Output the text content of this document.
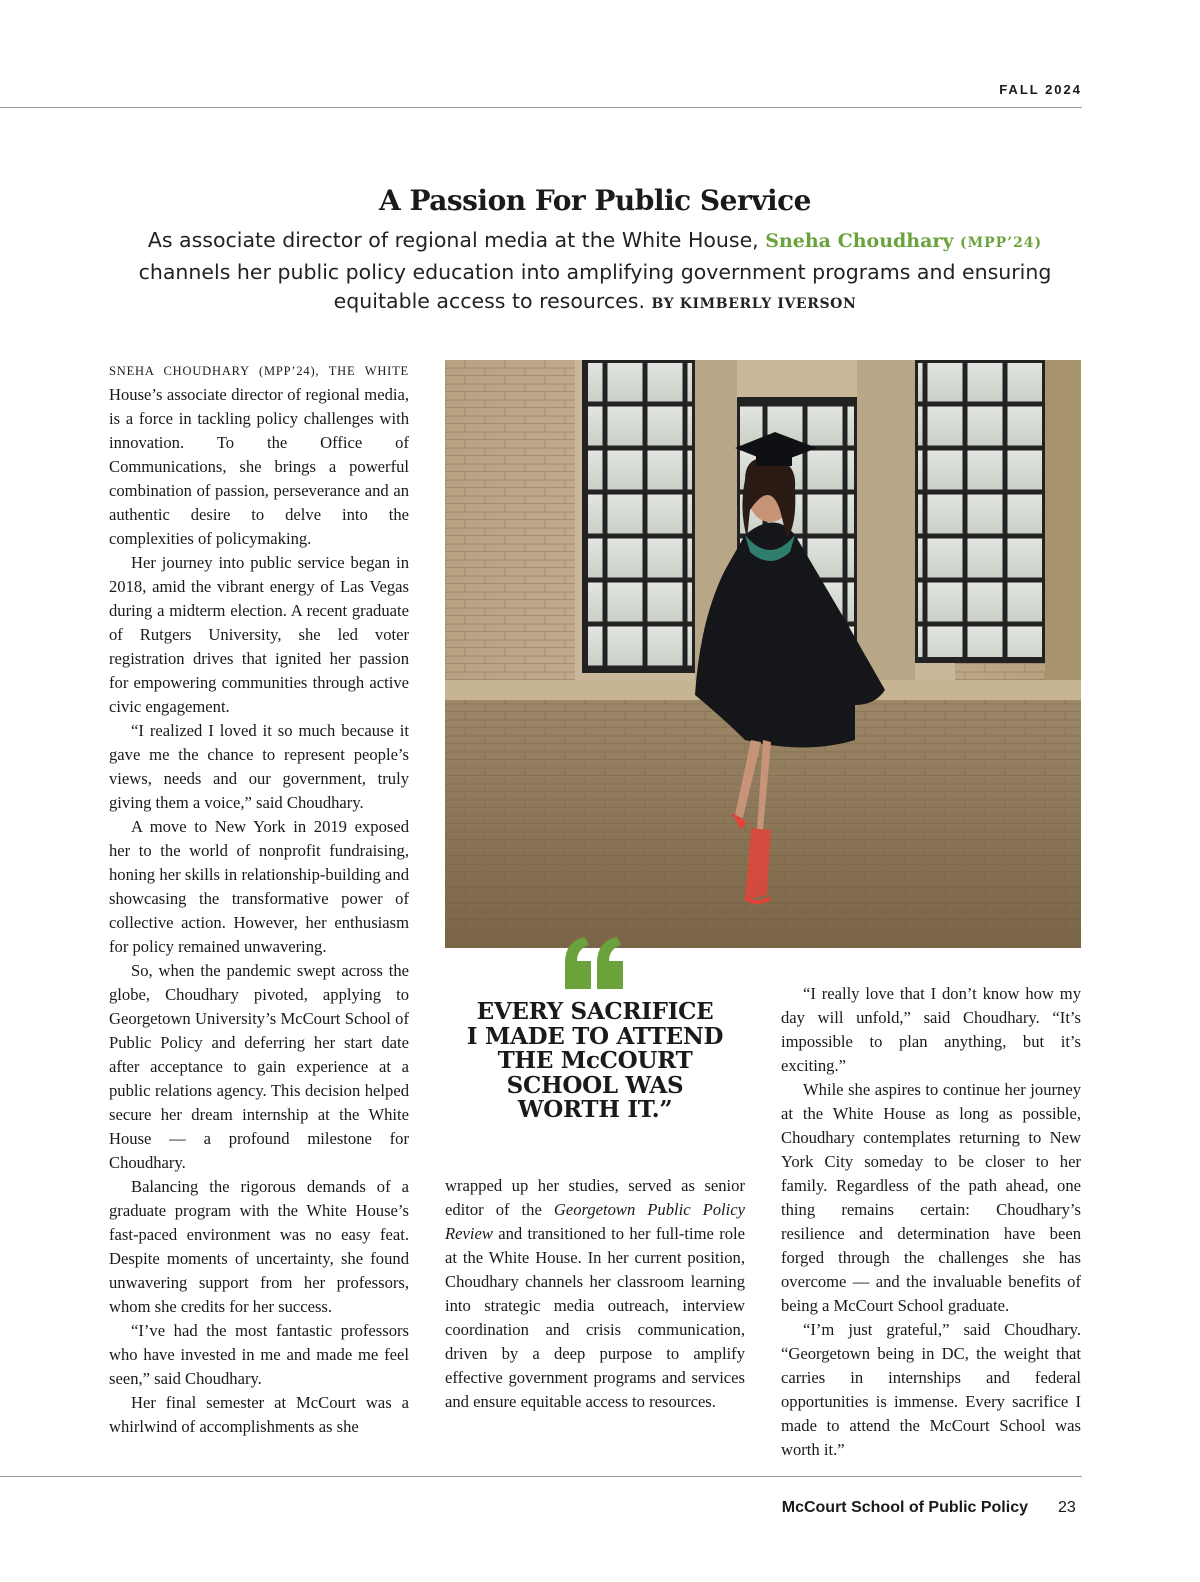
FALL 2024
A Passion For Public Service
As associate director of regional media at the White House, Sneha Choudhary (MPP’24) channels her public policy education into amplifying government programs and ensuring equitable access to resources. BY KIMBERLY IVERSON

SNEHA CHOUDHARY (MPP’24), THE WHITE House’s associate director of regional media, is a force in tackling policy challenges with innovation. To the Office of Communications, she brings a powerful combination of passion, perseverance and an authentic desire to delve into the complexities of policymaking.

Her journey into public service began in 2018, amid the vibrant energy of Las Vegas during a midterm election. A recent graduate of Rutgers University, she led voter registration drives that ignited her passion for empowering communities through active civic engagement.

“I realized I loved it so much because it gave me the chance to represent people’s views, needs and our government, truly giving them a voice,” said Choudhary.

A move to New York in 2019 exposed her to the world of nonprofit fundraising, honing her skills in relationship-building and showcasing the transformative power of collective action. However, her enthusiasm for policy remained unwavering.

So, when the pandemic swept across the globe, Choudhary pivoted, applying to Georgetown University’s McCourt School of Public Policy and deferring her start date after acceptance to gain experience at a public relations agency. This decision helped secure her dream internship at the White House — a profound milestone for Choudhary.

Balancing the rigorous demands of a graduate program with the White House’s fast-paced environment was no easy feat. Despite moments of uncertainty, she found unwavering support from her professors, whom she credits for her success.

“I’ve had the most fantastic professors who have invested in me and made me feel seen,” said Choudhary.

Her final semester at McCourt was a whirlwind of accomplishments as she

EVERY SACRIFICE
I MADE TO ATTEND
THE McCOURT
SCHOOL WAS
WORTH IT.”

wrapped up her studies, served as senior editor of the Georgetown Public Policy Review and transitioned to her full-time role at the White House. In her current position, Choudhary channels her classroom learning into strategic media outreach, interview coordination and crisis communication, driven by a deep purpose to amplify effective government programs and services and ensure equitable access to resources.

“I really love that I don’t know how my day will unfold,” said Choudhary. “It’s impossible to plan anything, but it’s exciting.”

While she aspires to continue her journey at the White House as long as possible, Choudhary contemplates returning to New York City someday to be closer to her family. Regardless of the path ahead, one thing remains certain: Choudhary’s resilience and determination have been forged through the challenges she has overcome — and the invaluable benefits of being a McCourt School graduate.

“I’m just grateful,” said Choudhary. “Georgetown being in DC, the weight that carries in internships and federal opportunities is immense. Every sacrifice I made to attend the McCourt School was worth it.”

McCourt School of Public Policy 23
